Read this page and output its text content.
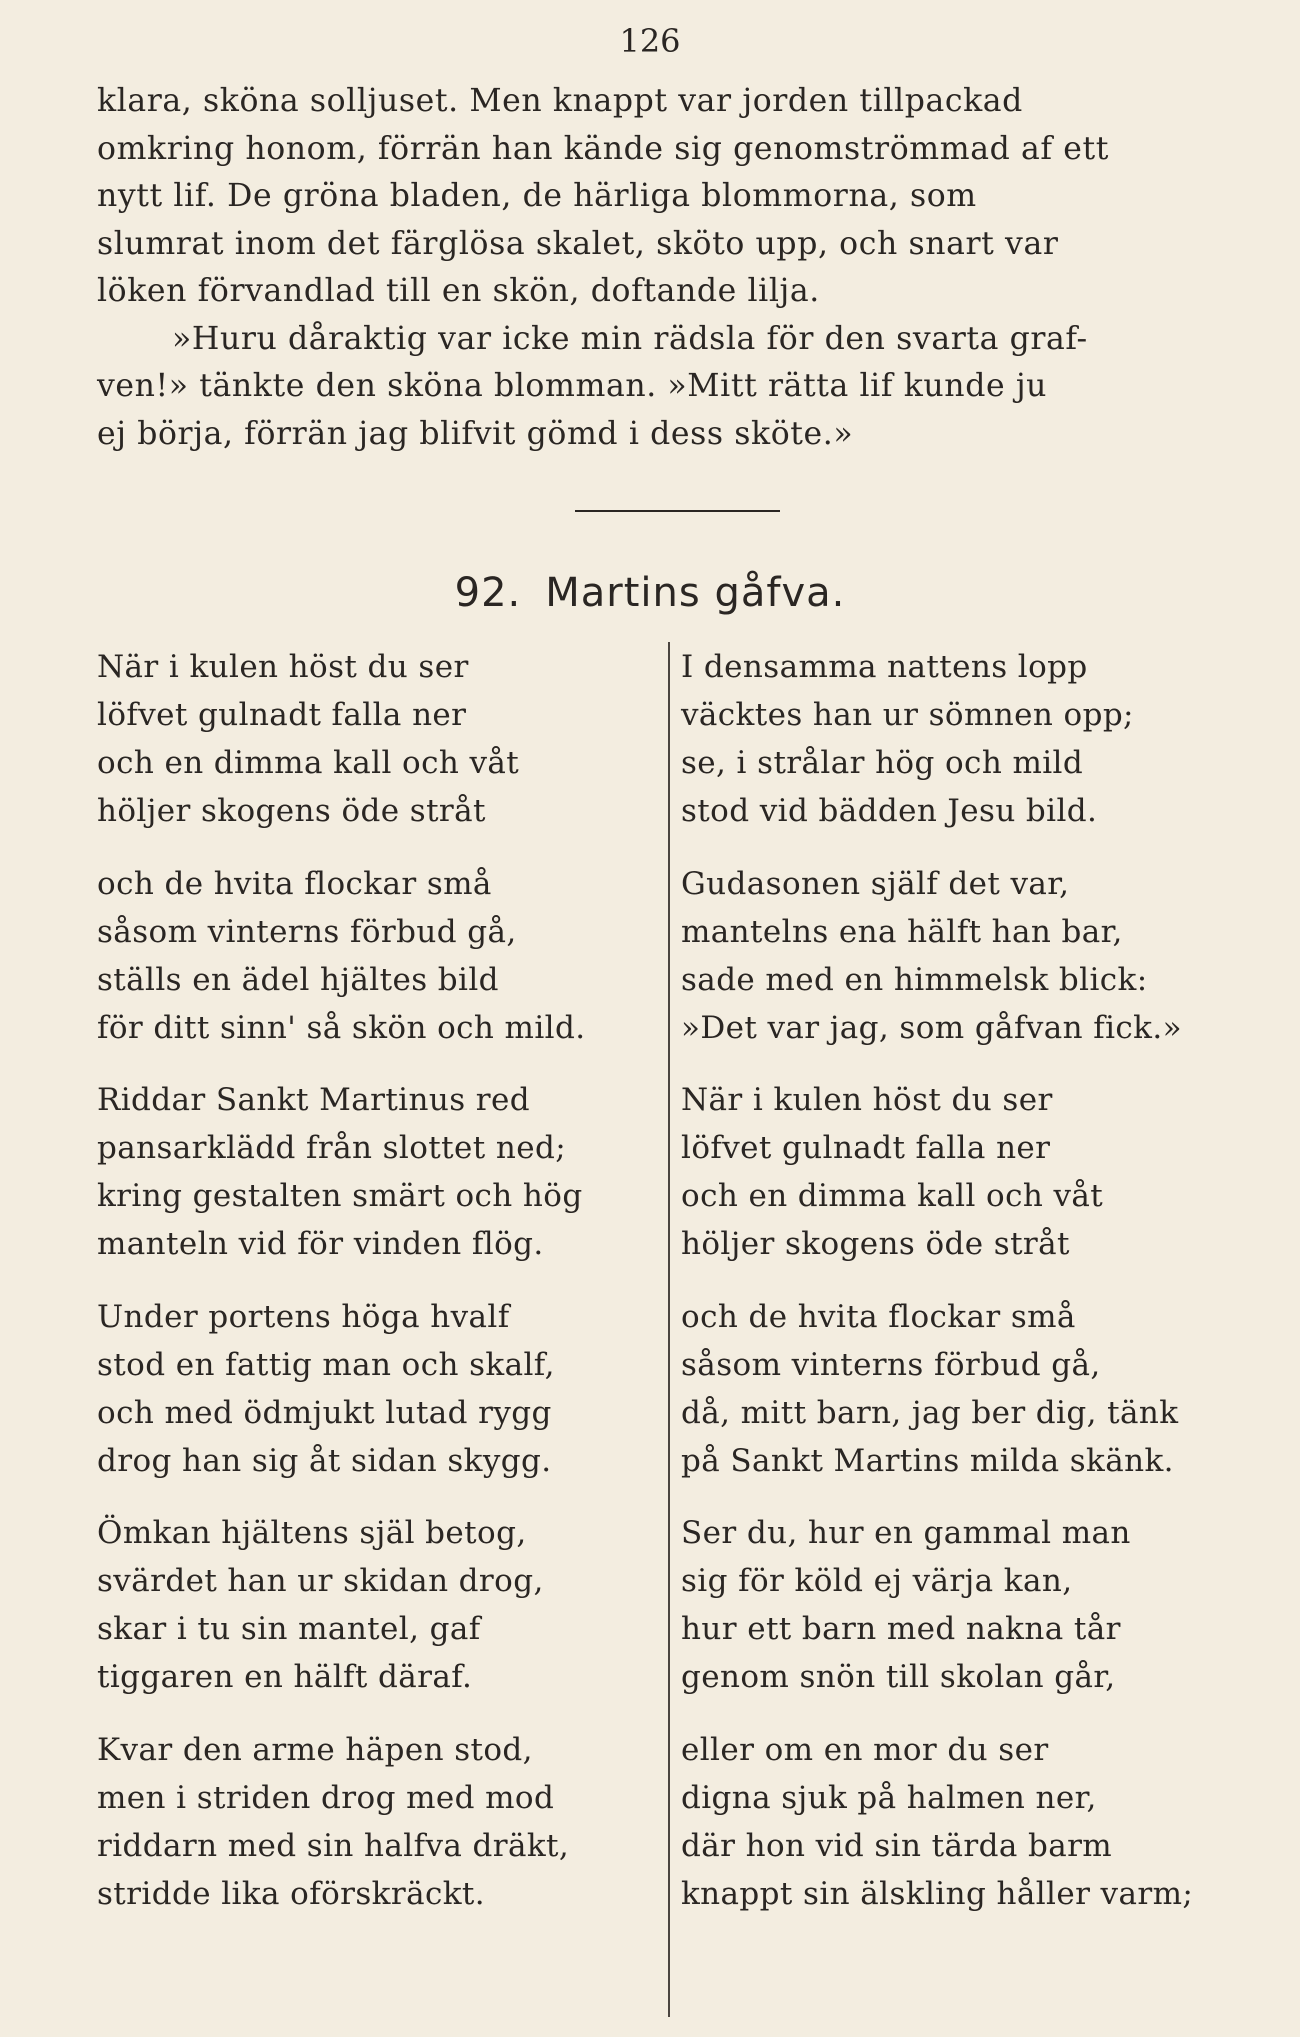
126
klara, sköna solljuset. Men knappt var jorden tillpackad
omkring honom, förrän han kände sig genomströmmad af ett
nytt lif. De gröna bladen, de härliga blommorna, som
slumrat inom det färglösa skalet, sköto upp, och snart var
löken förvandlad till en skön, doftande lilja.
»Huru dåraktig var icke min rädsla för den svarta graf-
ven!» tänkte den sköna blomman. »Mitt rätta lif kunde ju
ej börja, förrän jag blifvit gömd i dess sköte.»
92. Martins gåfva.
När i kulen höst du ser
löfvet gulnadt falla ner
och en dimma kall och våt
höljer skogens öde stråt
och de hvita flockar små
såsom vinterns förbud gå,
ställs en ädel hjältes bild
för ditt sinn' så skön och mild.
Riddar Sankt Martinus red
pansarklädd från slottet ned;
kring gestalten smärt och hög
manteln vid för vinden flög.
Under portens höga hvalf
stod en fattig man och skalf,
och med ödmjukt lutad rygg
drog han sig åt sidan skygg.
Ömkan hjältens själ betog,
svärdet han ur skidan drog,
skar i tu sin mantel, gaf
tiggaren en hälft däraf.
Kvar den arme häpen stod,
men i striden drog med mod
riddarn med sin halfva dräkt,
stridde lika oförskräckt.
I densamma nattens lopp
väcktes han ur sömnen opp;
se, i strålar hög och mild
stod vid bädden Jesu bild.
Gudasonen själf det var,
mantelns ena hälft han bar,
sade med en himmelsk blick:
»Det var jag, som gåfvan fick.»
När i kulen höst du ser
löfvet gulnadt falla ner
och en dimma kall och våt
höljer skogens öde stråt
och de hvita flockar små
såsom vinterns förbud gå,
då, mitt barn, jag ber dig, tänk
på Sankt Martins milda skänk.
Ser du, hur en gammal man
sig för köld ej värja kan,
hur ett barn med nakna tår
genom snön till skolan går,
eller om en mor du ser
digna sjuk på halmen ner,
där hon vid sin tärda barm
knappt sin älskling håller varm;
